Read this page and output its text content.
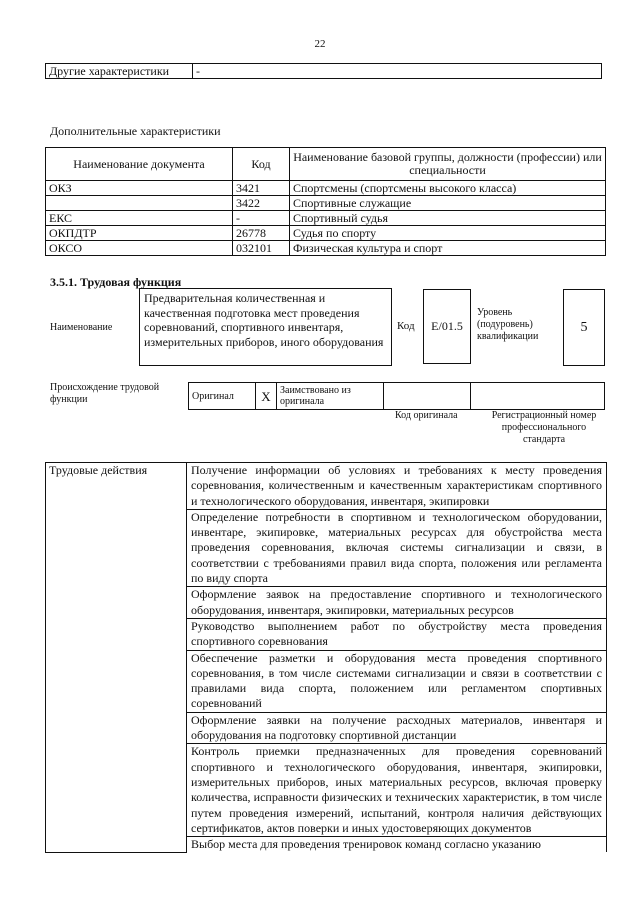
22
Другие характеристики	-
Дополнительные характеристики
Наименование документа	Код	Наименование базовой группы, должности (профессии) или специальности
ОКЗ	3421	Спортсмены (спортсмены высокого класса)
	3422	Спортивные служащие
ЕКС	-	Спортивный судья
ОКПДТР	26778	Судья по спорту
ОКСО	032101	Физическая культура и спорт
3.5.1. Трудовая функция
Наименование
Предварительная количественная и качественная подготовка мест проведения соревнований, спортивного инвентаря, измерительных приборов, иного оборудования
Код	E/01.5
Уровень (подуровень) квалификации
5
Происхождение трудовой функции	Оригинал	X	Заимствовано из оригинала		
Код оригинала	Регистрационный номер профессионального стандарта
Трудовые действия	Получение информации об условиях и требованиях к месту проведения соревнования, количественным и качественным характеристикам спортивного и технологического оборудования, инвентаря, экипировки
Определение потребности в спортивном и технологическом оборудовании, инвентаре, экипировке, материальных ресурсах для обустройства места проведения соревнования, включая системы сигнализации и связи, в соответствии с требованиями правил вида спорта, положения или регламента по виду спорта
Оформление заявок на предоставление спортивного и технологического оборудования, инвентаря, экипировки, материальных ресурсов
Руководство выполнением работ по обустройству места проведения спортивного соревнования
Обеспечение разметки и оборудования места проведения спортивного соревнования, в том числе системами сигнализации и связи в соответствии с правилами вида спорта, положением или регламентом спортивных соревнований
Оформление заявки на получение расходных материалов, инвентаря и оборудования на подготовку спортивной дистанции
Контроль приемки предназначенных для проведения соревнований спортивного и технологического оборудования, инвентаря, экипировки, измерительных приборов, иных материальных ресурсов, включая проверку количества, исправности физических и технических характеристик, в том числе путем проведения измерений, испытаний, контроля наличия действующих сертификатов, актов поверки и иных удостоверяющих документов
Выбор места для проведения тренировок команд согласно указанию
